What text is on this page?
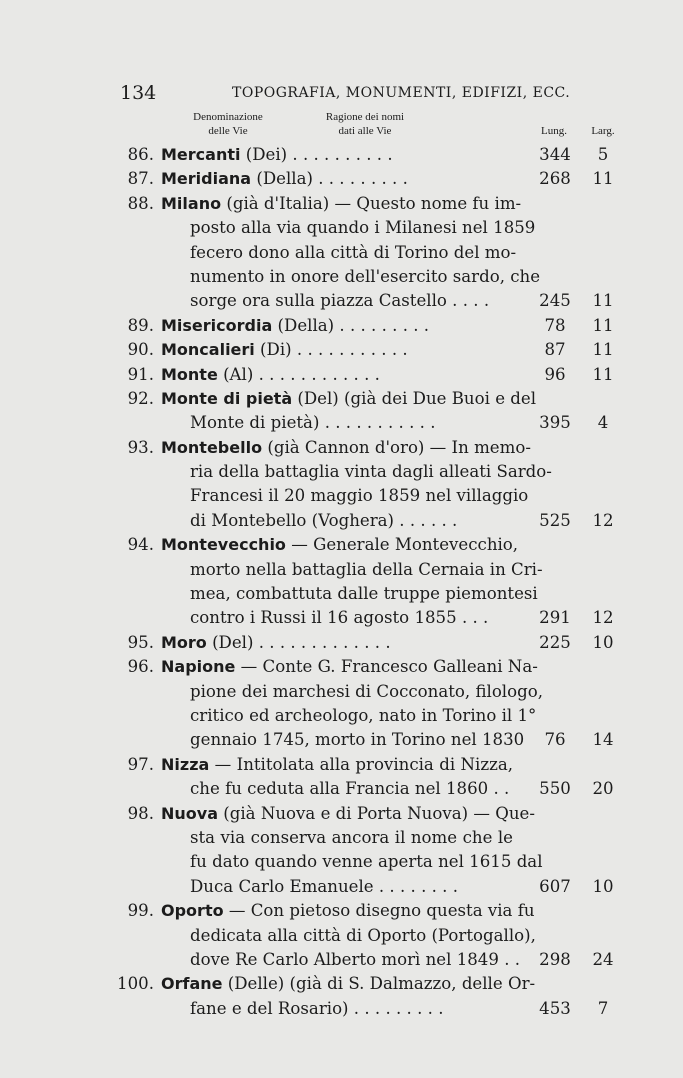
134	TOPOGRAFIA, MONUMENTI, EDIFIZI, ECC.
Denominazione
delle Vie
Ragione dei nomi
dati alle Vie	Lung.	Larg.
86. Mercanti (Dei) . . . . . . . . . .	344	5
87. Meridiana (Della) . . . . . . . . .	268	11
88. Milano (già d'Italia) — Questo nome fu im-
posto alla via quando i Milanesi nel 1859
fecero dono alla città di Torino del mo-
numento in onore dell'esercito sardo, che
sorge ora sulla piazza Castello . . . .	245	11
89. Misericordia (Della) . . . . . . . . .	78	11
90. Moncalieri (Di) . . . . . . . . . . .	87	11
91. Monte (Al) . . . . . . . . . . . .	96	11
92. Monte di pietà (Del) (già dei Due Buoi e del
Monte di pietà) . . . . . . . . . . .	395	4
93. Montebello (già Cannon d'oro) — In memo-
ria della battaglia vinta dagli alleati Sardo-
Francesi il 20 maggio 1859 nel villaggio
di Montebello (Voghera) . . . . . .	525	12
94. Montevecchio — Generale Montevecchio,
morto nella battaglia della Cernaia in Cri-
mea, combattuta dalle truppe piemontesi
contro i Russi il 16 agosto 1855 . . .	291	12
95. Moro (Del) . . . . . . . . . . . . .	225	10
96. Napione — Conte G. Francesco Galleani Na-
pione dei marchesi di Cocconato, filologo,
critico ed archeologo, nato in Torino il 1°
gennaio 1745, morto in Torino nel 1830	76	14
97. Nizza — Intitolata alla provincia di Nizza,
che fu ceduta alla Francia nel 1860 . .	550	20
98. Nuova (già Nuova e di Porta Nuova) — Que-
sta via conserva ancora il nome che le
fu dato quando venne aperta nel 1615 dal
Duca Carlo Emanuele . . . . . . . .	607	10
99. Oporto — Con pietoso disegno questa via fu
dedicata alla città di Oporto (Portogallo),
dove Re Carlo Alberto morì nel 1849 . .	298	24
100. Orfane (Delle) (già di S. Dalmazzo, delle Or-
fane e del Rosario) . . . . . . . . .	453	7
